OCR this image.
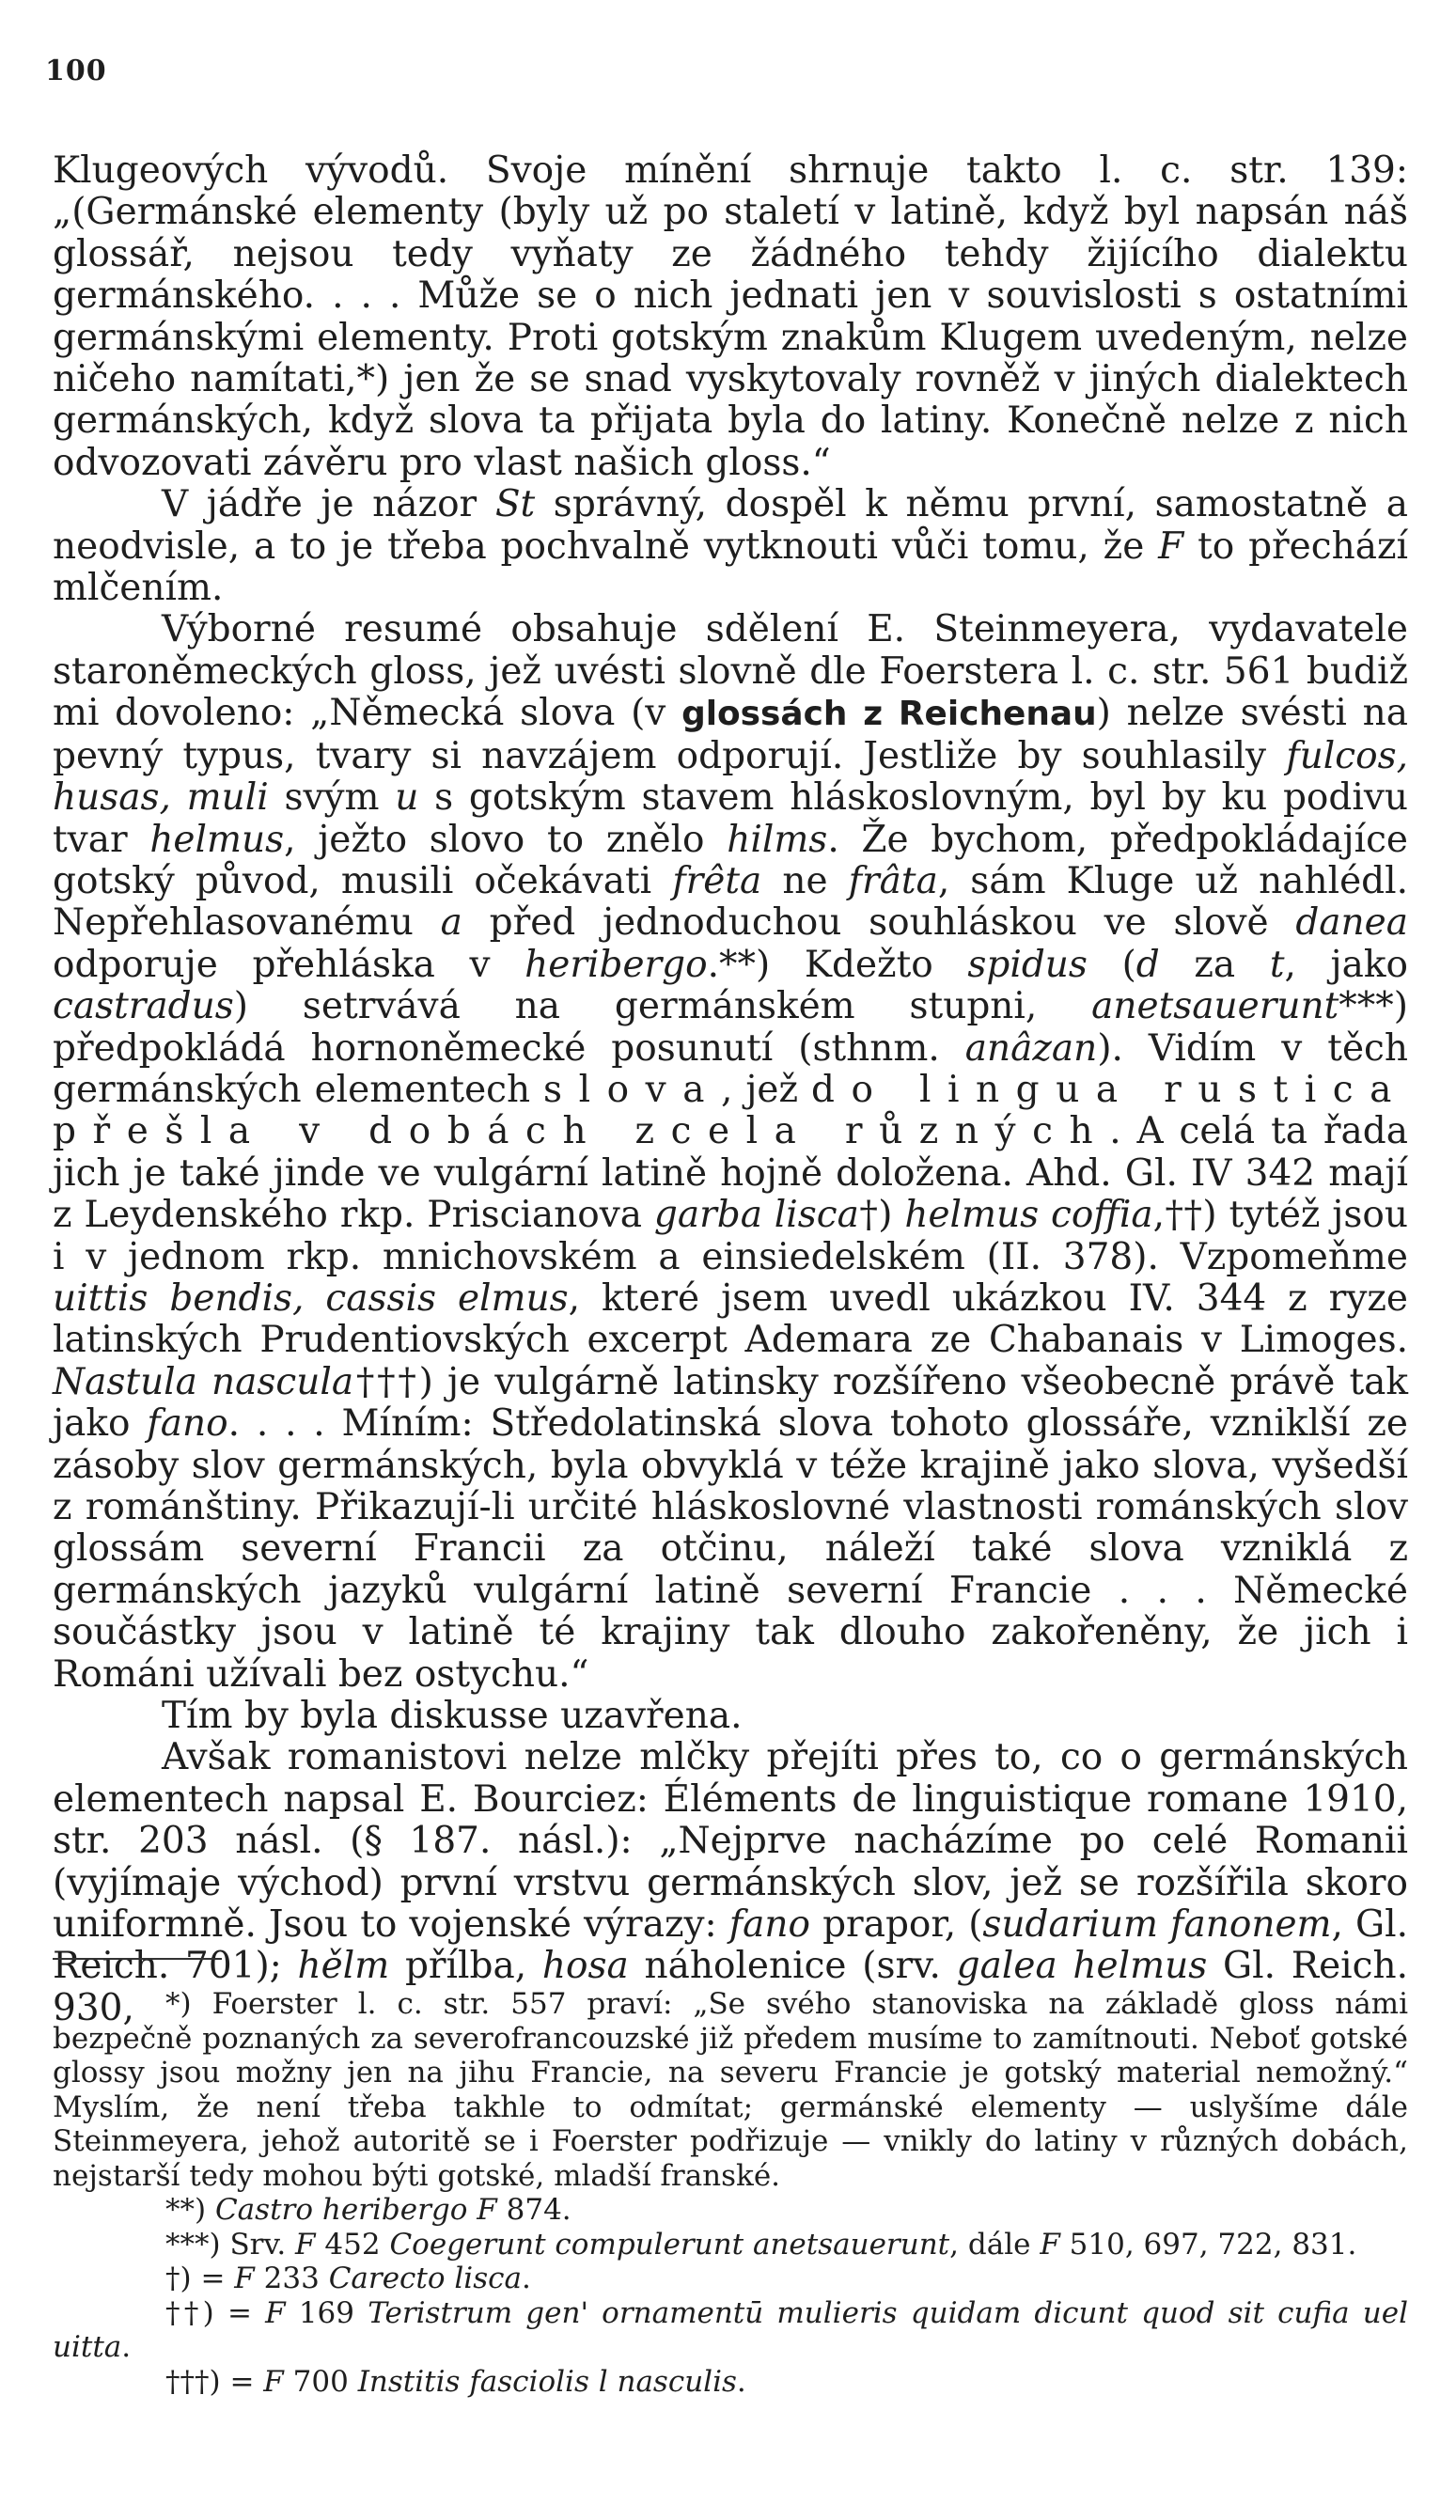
100

Klugeových vývodů. Svoje mínění shrnuje takto l. c. str. 139: „(Germánské elementy (byly už po staletí v latině, když byl napsán náš glossář, nejsou tedy vyňaty ze žádného tehdy žijícího dialektu germánského. . . . Může se o nich jednati jen v souvislosti s ostatními germánskými elementy. Proti gotským znakům Klugem uvedeným, nelze ničeho namítati,*) jen že se snad vyskytovaly rovněž v jiných dialektech germánských, když slova ta přijata byla do latiny. Konečně nelze z nich odvozovati závěru pro vlast našich gloss.“

V jádře je názor St správný, dospěl k němu první, samostatně a neodvisle, a to je třeba pochvalně vytknouti vůči tomu, že F to přechází mlčením.

Výborné resumé obsahuje sdělení E. Steinmeyera, vydavatele staroněmeckých gloss, jež uvésti slovně dle Foerstera l. c. str. 561 budiž mi dovoleno: „Německá slova (v glossách z Reichenau) nelze svésti na pevný typus, tvary si navzájem odporují. Jestliže by souhlasily fulcos, husas, muli svým u s gotským stavem hláskoslovným, byl by ku podivu tvar helmus, ježto slovo to znělo hilms. Že bychom, předpokládajíce gotský původ, musili očekávati frêta ne frâta, sám Kluge už nahlédl. Nepřehlasovanému a před jednoduchou souhláskou ve slově danea odporuje přehláska v heribergo.**) Kdežto spidus (d za t, jako castradus) setrvává na germánském stupni, anetsauerunt***) předpokládá hornoněmecké posunutí (sthnm. anâzan). Vidím v těch germánských elementech slova, jež do lingua rustica přešla v dobách zcela různých. A celá ta řada jich je také jinde ve vulgární latině hojně doložena. Ahd. Gl. IV 342 mají z Leydenského rkp. Priscianova garba lisca†) helmus coffia,††) tytéž jsou i v jednom rkp. mnichovském a einsiedelském (II. 378). Vzpomeňme uittis bendis, cassis elmus, které jsem uvedl ukázkou IV. 344 z ryze latinských Prudentiovských excerpt Ademara ze Chabanais v Limoges. Nastula nascula†††) je vulgárně latinsky rozšířeno všeobecně právě tak jako fano. . . . Míním: Středolatinská slova tohoto glossáře, vzniklší ze zásoby slov germánských, byla obvyklá v téže krajině jako slova, vyšedší z románštiny. Přikazují-li určité hláskoslovné vlastnosti románských slov glossám severní Francii za otčinu, náleží také slova vzniklá z germánských jazyků vulgární latině severní Francie . . . Německé součástky jsou v latině té krajiny tak dlouho zakořeněny, že jich i Románi užívali bez ostychu.“

Tím by byla diskusse uzavřena.

Avšak romanistovi nelze mlčky přejíti přes to, co o germánských elementech napsal E. Bourciez: Éléments de linguistique romane 1910, str. 203 násl. (§ 187. násl.): „Nejprve nacházíme po celé Romanii (vyjímaje východ) první vrstvu germánských slov, jež se rozšířila skoro uniformně. Jsou to vojenské výrazy: fano prapor, (sudarium fanonem, Gl. Reich. 701); hělm přílba, hosa náholenice (srv. galea helmus Gl. Reich. 930,	*) Foerster l. c. str. 557 praví: „Se svého stanoviska na základě gloss námi bezpečně poznaných za severofrancouzské již předem musíme to zamítnouti. Neboť gotské glossy jsou možny jen na jihu Francie, na severu Francie je gotský material nemožný.“ Myslím, že není třeba takhle to odmítat; germánské elementy — uslyšíme dále Steinmeyera, jehož autoritě se i Foerster podřizuje — vnikly do latiny v různých dobách, nejstarší tedy mohou býti gotské, mladší franské.

**) Castro heribergo F 874.

***) Srv. F 452 Coegerunt compulerunt anetsauerunt, dále F 510, 697, 722, 831.

†) = F 233 Carecto lisca.

††) = F 169 Teristrum gen' ornamentū mulieris quidam dicunt quod sit cufia uel uitta.

†††) = F 700 Institis fasciolis l nasculis.
